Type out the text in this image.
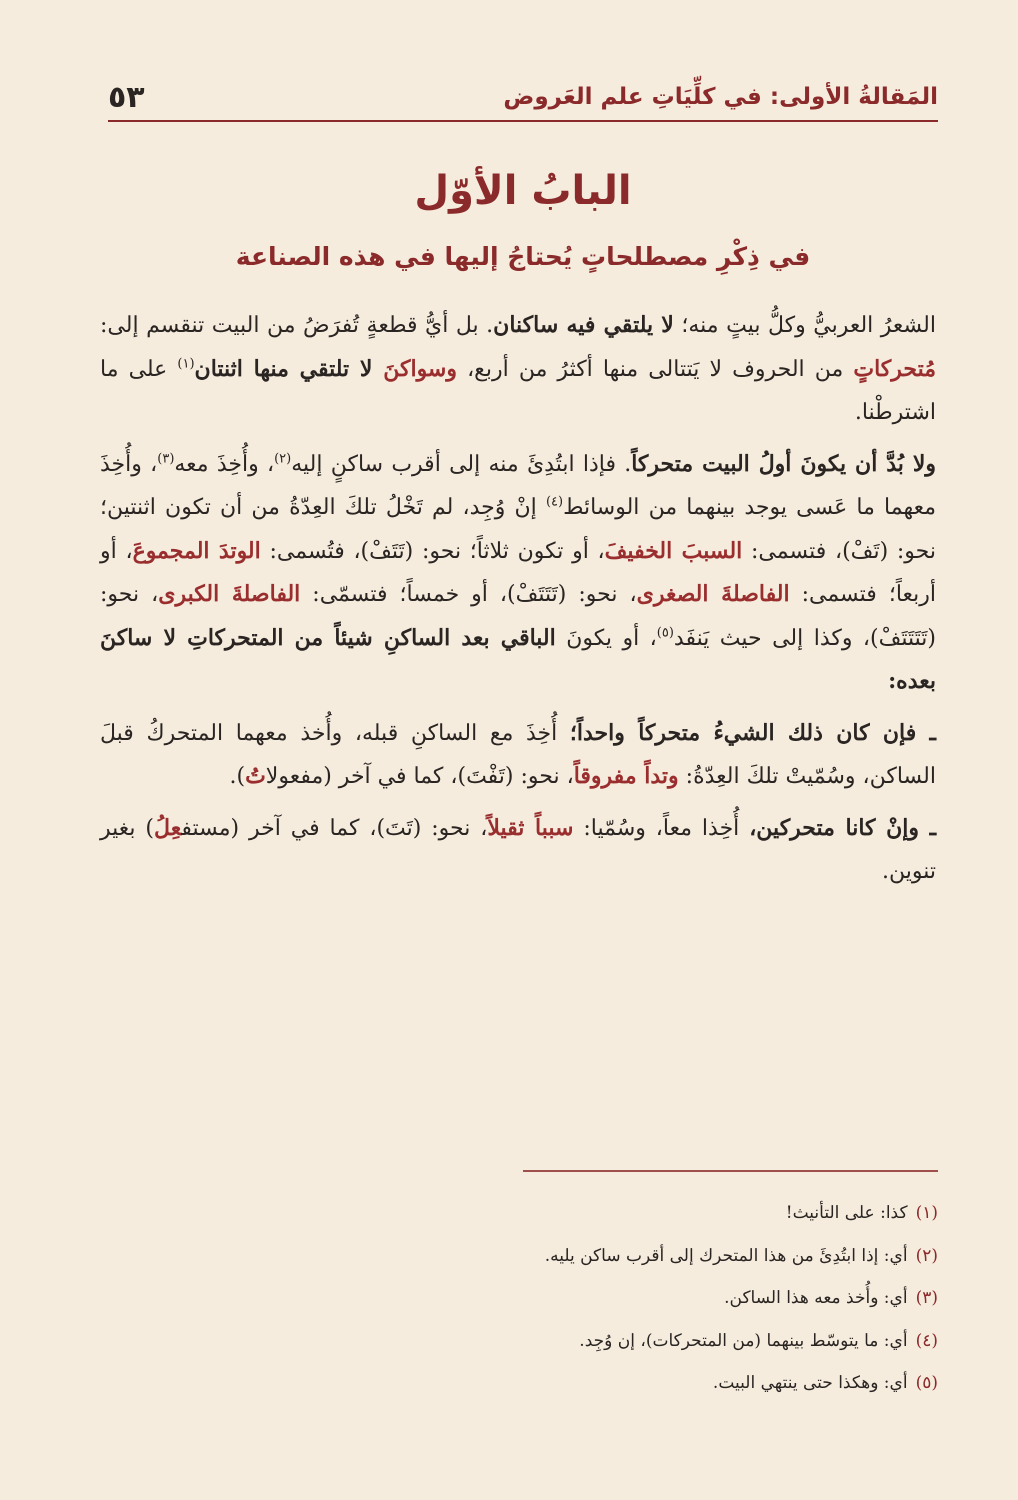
المَقالةُ الأولى: في كلِّيَاتِ علم العَروض
٥٣
البابُ الأوّل
في ذِكْرِ مصطلحاتٍ يُحتاجُ إليها في هذه الصناعة

الشعرُ العربيُّ وكلُّ بيتٍ منه؛ لا يلتقي فيه ساكنان. بل أيُّ قطعةٍ تُفرَضُ من البيت تنقسم إلى: مُتحركاتٍ من الحروف لا يَتتالى منها أكثرُ من أربع، وسواكنَ لا تلتقي منها اثنتان$^{(١)}$ على ما اشترطْنا.

ولا بُدَّ أن يكونَ أولُ البيت متحركاً. فإذا ابتُدِئَ منه إلى أقرب ساكنٍ إليه$^{(٢)}$، وأُخِذَ معه$^{(٣)}$، وأُخِذَ معهما ما عَسى يوجد بينهما من الوسائط$^{(٤)}$ إنْ وُجِد، لم تَخْلُ تلكَ العِدّةُ من أن تكون اثنتين؛ نحو: (تَفْ)، فتسمى: السببَ الخفيفَ، أو تكون ثلاثاً؛ نحو: (تَتَفْ)، فتُسمى: الوتدَ المجموعَ، أو أربعاً؛ فتسمى: الفاصلةَ الصغرى، نحو: (تَتَتَفْ)، أو خمساً؛ فتسمّى: الفاصلةَ الكبرى، نحو: (تَتَتَتَفْ)، وكذا إلى حيث يَنفَد$^{(٥)}$، أو يكونَ الباقي بعد الساكنِ شيئاً من المتحركاتِ لا ساكنَ بعده:

ـ فإن كان ذلك الشيءُ متحركاً واحداً؛ أُخِذَ مع الساكنِ قبله، وأُخذ معهما المتحركُ قبلَ الساكن، وسُمّيتْ تلكَ العِدّةُ: وتداً مفروقاً، نحو: (تَفْتَ)، كما في آخر (مفعولاتُ).

ـ وإنْ كانا متحركين، أُخِذا معاً، وسُمّيا: سبباً ثقيلاً، نحو: (تَتَ)، كما في آخر (مستفعِلُ) بغير تنوين.

(١)كذا: على التأنيث!
(٢)أي: إذا ابتُدِئَ من هذا المتحرك إلى أقرب ساكن يليه.
(٣)أي: وأُخذ معه هذا الساكن.
(٤)أي: ما يتوسّط بينهما (من المتحركات)، إن وُجِد.
(٥)أي: وهكذا حتى ينتهي البيت.
